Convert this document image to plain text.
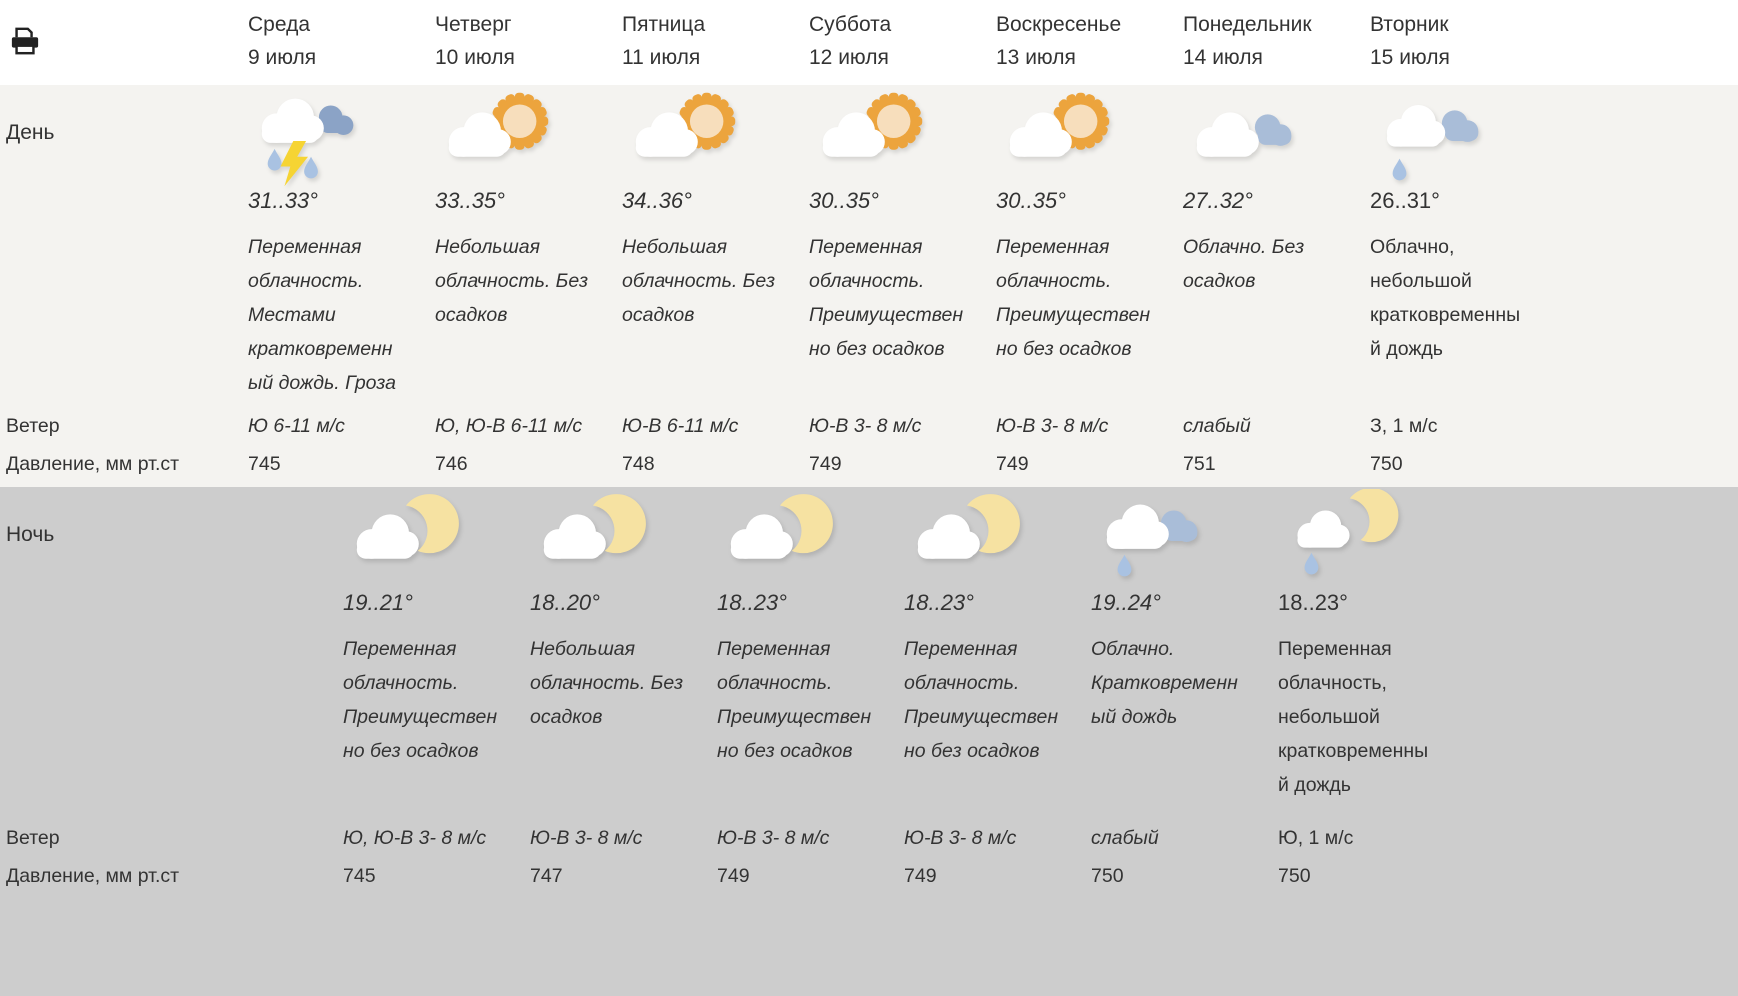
Среда
9 июля
Четверг
10 июля
Пятница
11 июля
Суббота
12 июля
Воскресенье
13 июля
Понедельник
14 июля
Вторник
15 июля
День
Ветер
Давление, мм рт.ст
31..33°
Переменная облачность. Местами кратковременный дождь. Гроза
Ю 6-11 м/с
745
33..35°
Небольшая облачность. Без осадков
Ю, Ю-В 6-11 м/с
746
34..36°
Небольшая облачность. Без осадков
Ю-В 6-11 м/с
748
30..35°
Переменная облачность. Преимущественно без осадков
Ю-В 3- 8 м/с
749
30..35°
Переменная облачность. Преимущественно без осадков
Ю-В 3- 8 м/с
749
27..32°
Облачно. Без осадков
слабый
751
26..31°
Облачно, небольшой кратковременный дождь
З, 1 м/с
750
Ночь
Ветер
Давление, мм рт.ст
19..21°
Переменная облачность. Преимущественно без осадков
Ю, Ю-В 3- 8 м/с
745
18..20°
Небольшая облачность. Без осадков
Ю-В 3- 8 м/с
747
18..23°
Переменная облачность. Преимущественно без осадков
Ю-В 3- 8 м/с
749
18..23°
Переменная облачность. Преимущественно без осадков
Ю-В 3- 8 м/с
749
19..24°
Облачно. Кратковременный дождь
слабый
750
18..23°
Переменная облачность, небольшой кратковременный дождь
Ю, 1 м/с
750
